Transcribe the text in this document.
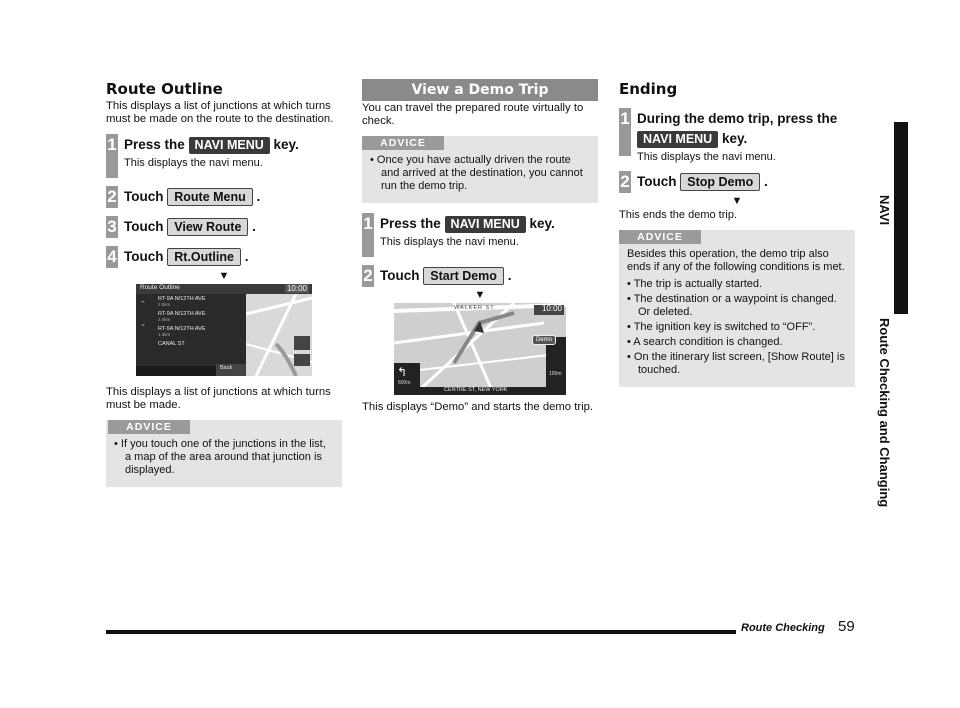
Route Outline
This displays a list of junctions at which turns must be made on the route to the destination.
1 Press the NAVI MENU key.
This displays the navi menu.
2 Touch Route Menu .
3 Touch View Route .
4 Touch Rt.Outline .
▼
Route Outline	10:00
⌃
⌄
RT-9A N/12TH AVE
2.8km
RT-9A N/12TH AVE
2.4km
RT-9A N/12TH AVE
1.3km
CANAL ST
Back
This displays a list of junctions at which turns must be made.
ADVICE
• If you touch one of the junctions in the list, a map of the area around that junction is displayed.
View a Demo Trip
You can travel the prepared route virtually to check.
ADVICE
• Once you have actually driven the route and arrived at the destination, you cannot run the demo trip.
1 Press the NAVI MENU key.
This displays the navi menu.
2 Touch Start Demo .
▼
WALKER ST	10:00
Demo
↰
600m
100m
CENTRE ST, NEW YORK
This displays “Demo” and starts the demo trip.
Ending
1 During the demo trip, press the
NAVI MENU key.
This displays the navi menu.
2 Touch Stop Demo .
▼
This ends the demo trip.
ADVICE
Besides this operation, the demo trip also ends if any of the following conditions is met.
• The trip is actually started.
• The destination or a waypoint is changed. Or deleted.
• The ignition key is switched to “OFF”.
• A search condition is changed.
• On the itinerary list screen, [Show Route] is touched.
NAVI
Route Checking and Changing
Route Checking 59
